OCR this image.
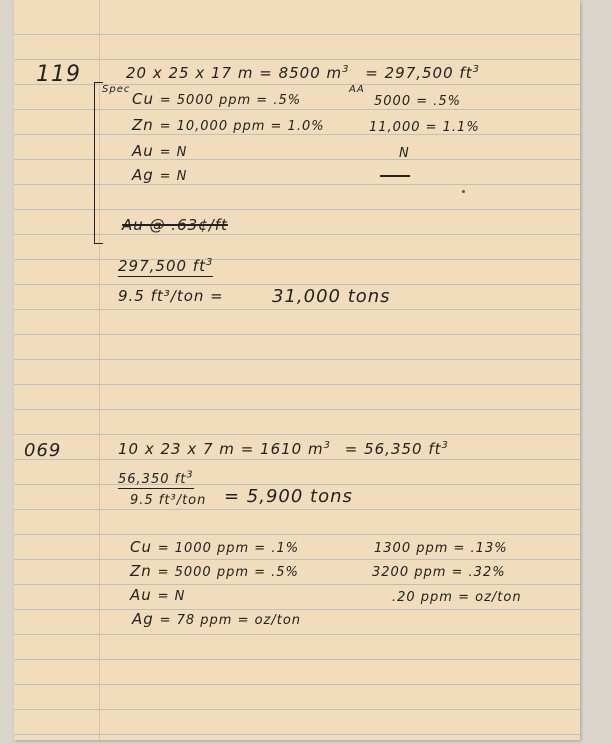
119	20 x 25 x 17 m = 8500 $m^3 = 297,500$ $ft^3$
Spec	AA
Cu = 5000 ppm = .5%	5000 = .5%
Zn = 10,000 ppm = 1.0%	11,000 = 1.1%
Au = N	N
Ag = N
Au @ .63¢/ft
297,500 $ft^3$
9.5 ft³/ton =	31,000 tons
069	10 x 23 x 7 m = 1610 $m^3 = 56,350$ $ft^3$
56,350 $ft^3$
9.5 ft³/ton = 5,900 tons
Cu = 1000 ppm = .1%	1300 ppm = .13%
Zn = 5000 ppm = .5%	3200 ppm = .32%
Au = N	.20 ppm = oz/ton
Ag = 78 ppm = oz/ton
